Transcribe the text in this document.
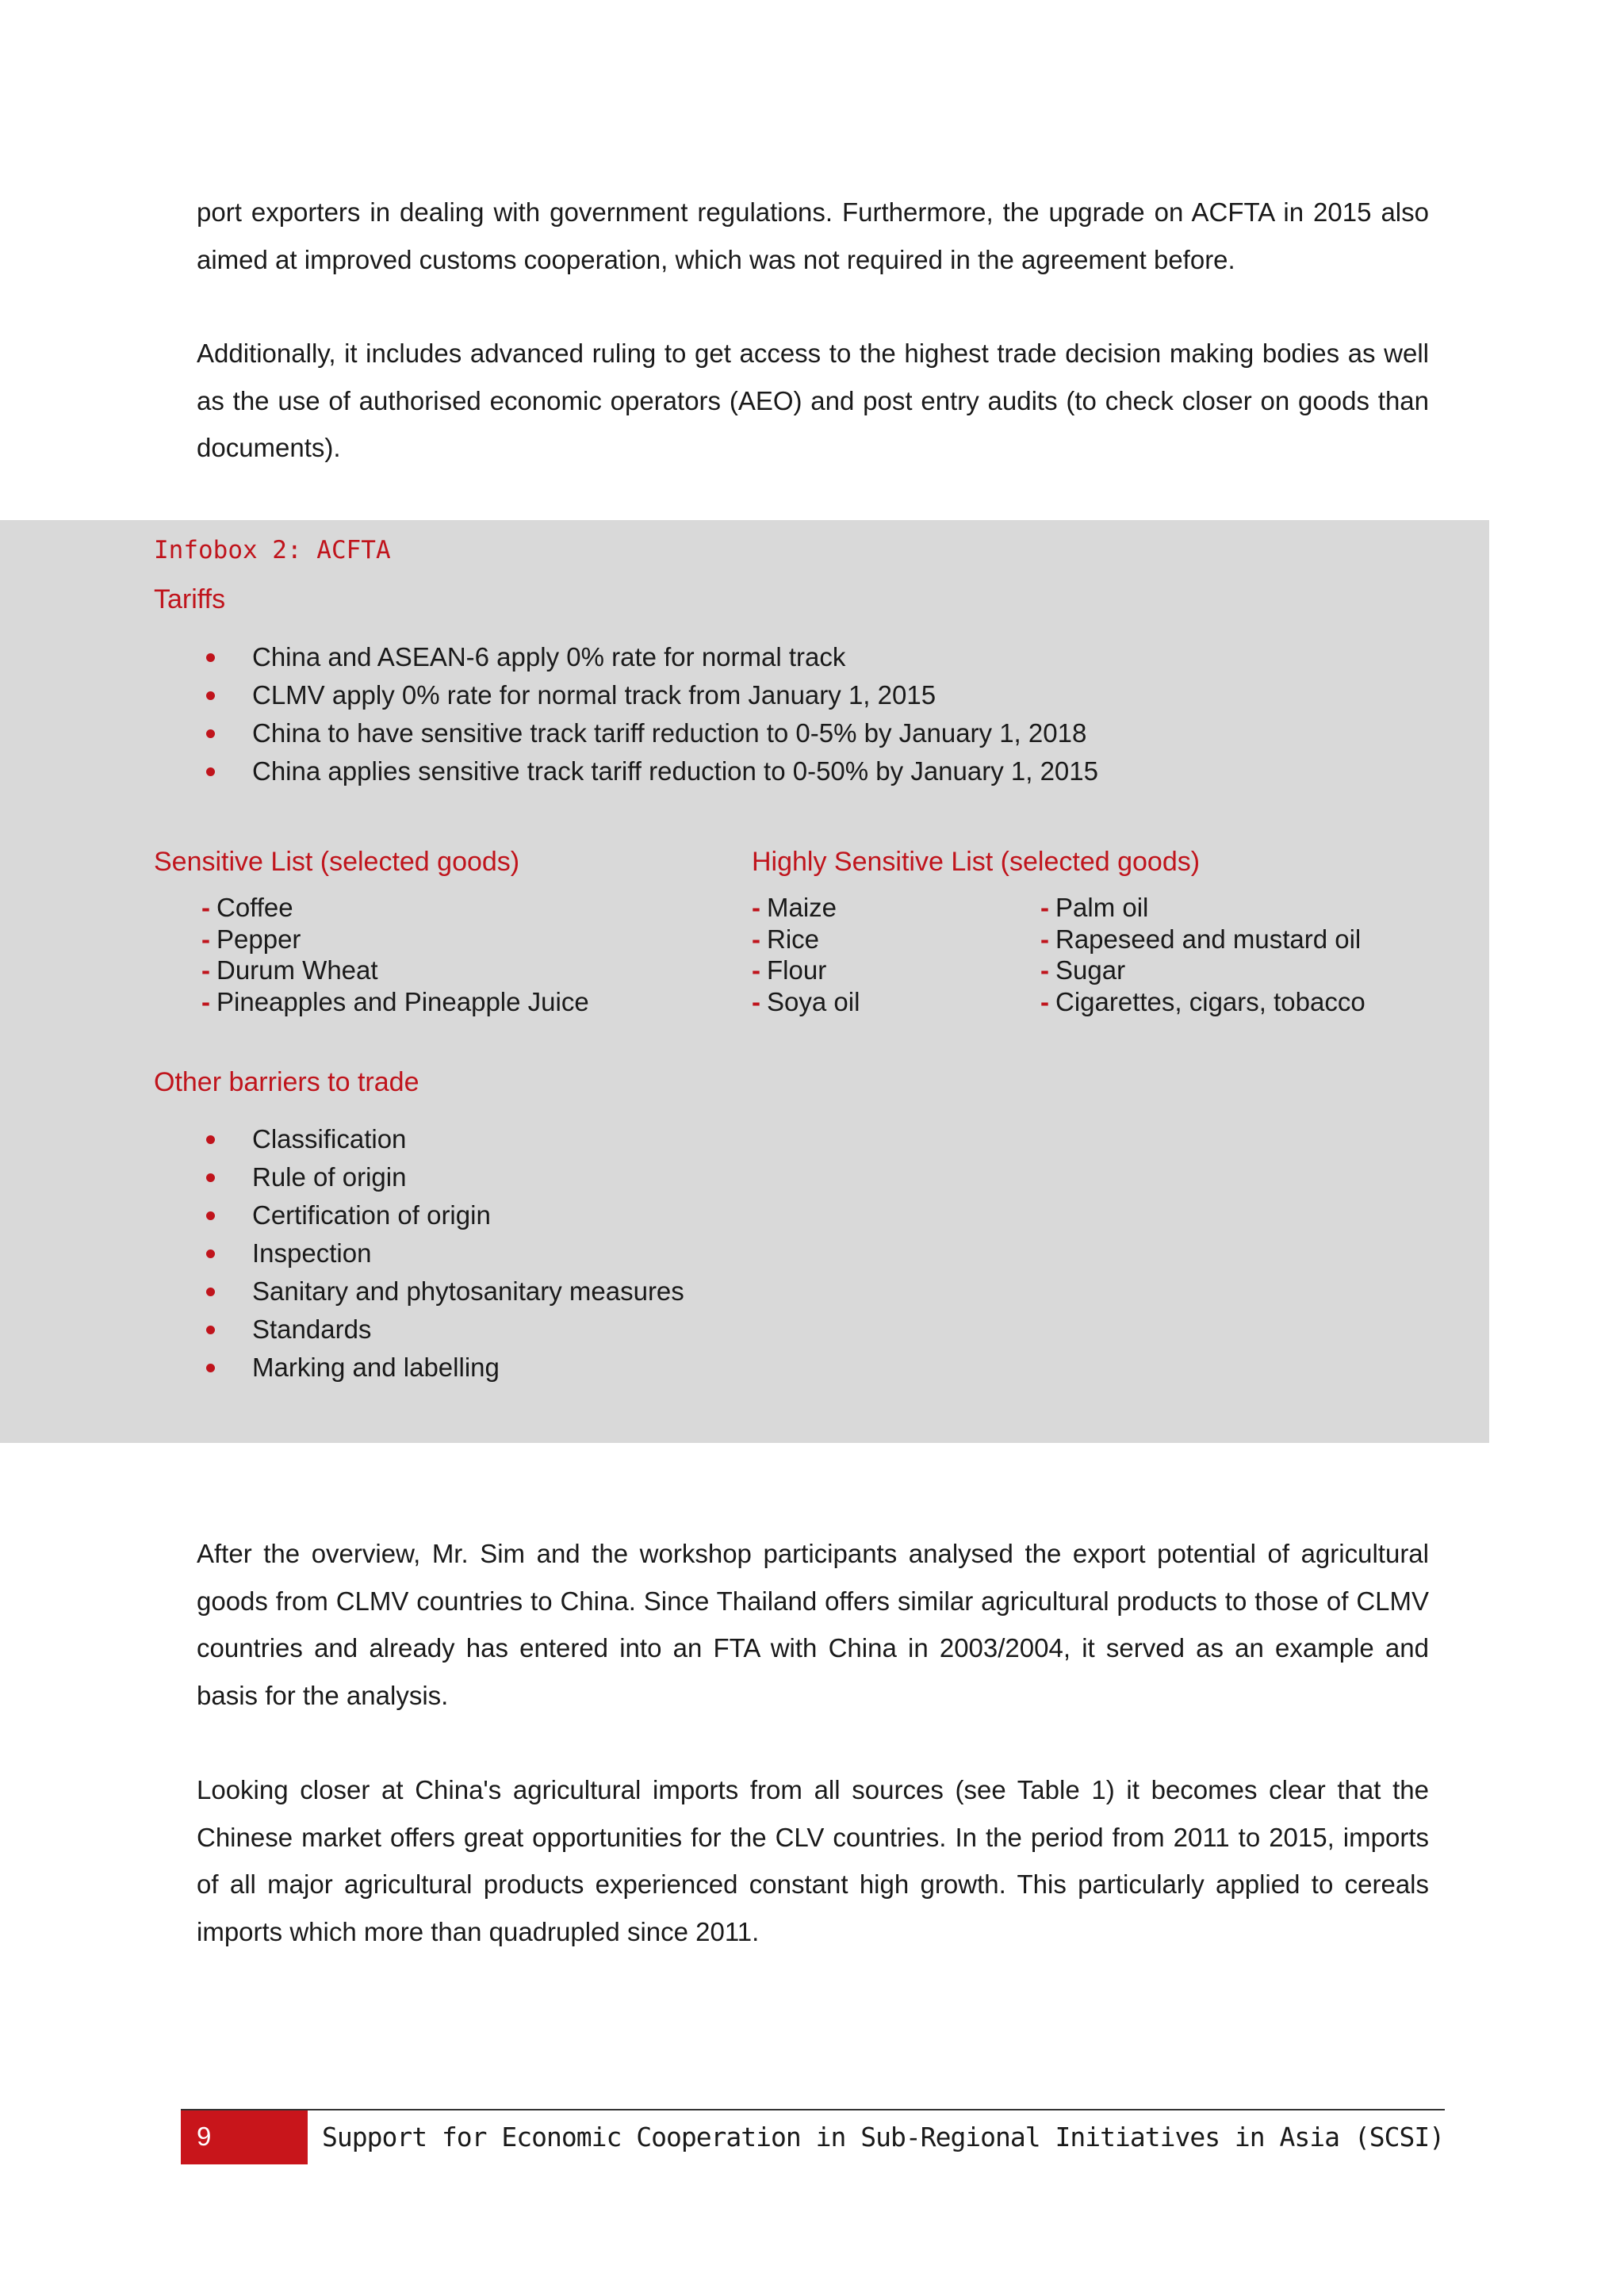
port exporters in dealing with government regulations. Furthermore, the upgrade on ACFTA in 2015 also aimed at improved customs cooperation, which was not required in the agreement before.

Additionally, it includes advanced ruling to get access to the highest trade decision making bodies as well as the use of authorised economic operators (AEO) and post entry audits (to check closer on goods than documents).

Infobox 2: ACFTA
Tariffs
China and ASEAN-6 apply 0% rate for normal track
CLMV apply 0% rate for normal track from January 1, 2015
China to have sensitive track tariff reduction to 0-5% by January 1, 2018
China applies sensitive track tariff reduction to 0-50% by January 1, 2015
Sensitive List (selected goods)
- Coffee
- Pepper
- Durum Wheat
- Pineapples and Pineapple Juice
Highly Sensitive List (selected goods)
- Maize
- Rice
- Flour
- Soya oil
- Palm oil
- Rapeseed and mustard oil
- Sugar
- Cigarettes, cigars, tobacco
Other barriers to trade
Classification
Rule of origin
Certification of origin
Inspection
Sanitary and phytosanitary measures
Standards
Marking and labelling

After the overview, Mr. Sim and the workshop participants analysed the export potential of agricultural goods from CLMV countries to China. Since Thailand offers similar agricultural products to those of CLMV countries and already has entered into an FTA with China in 2003/2004, it served as an example and basis for the analysis.

Looking closer at China's agricultural imports from all sources (see Table 1) it becomes clear that the Chinese market offers great opportunities for the CLV countries. In the period from 2011 to 2015, imports of all major agricultural products experienced constant high growth. This particularly applied to cereals imports which more than quadrupled since 2011.

9	Support for Economic Cooperation in Sub-Regional Initiatives in Asia (SCSI)
